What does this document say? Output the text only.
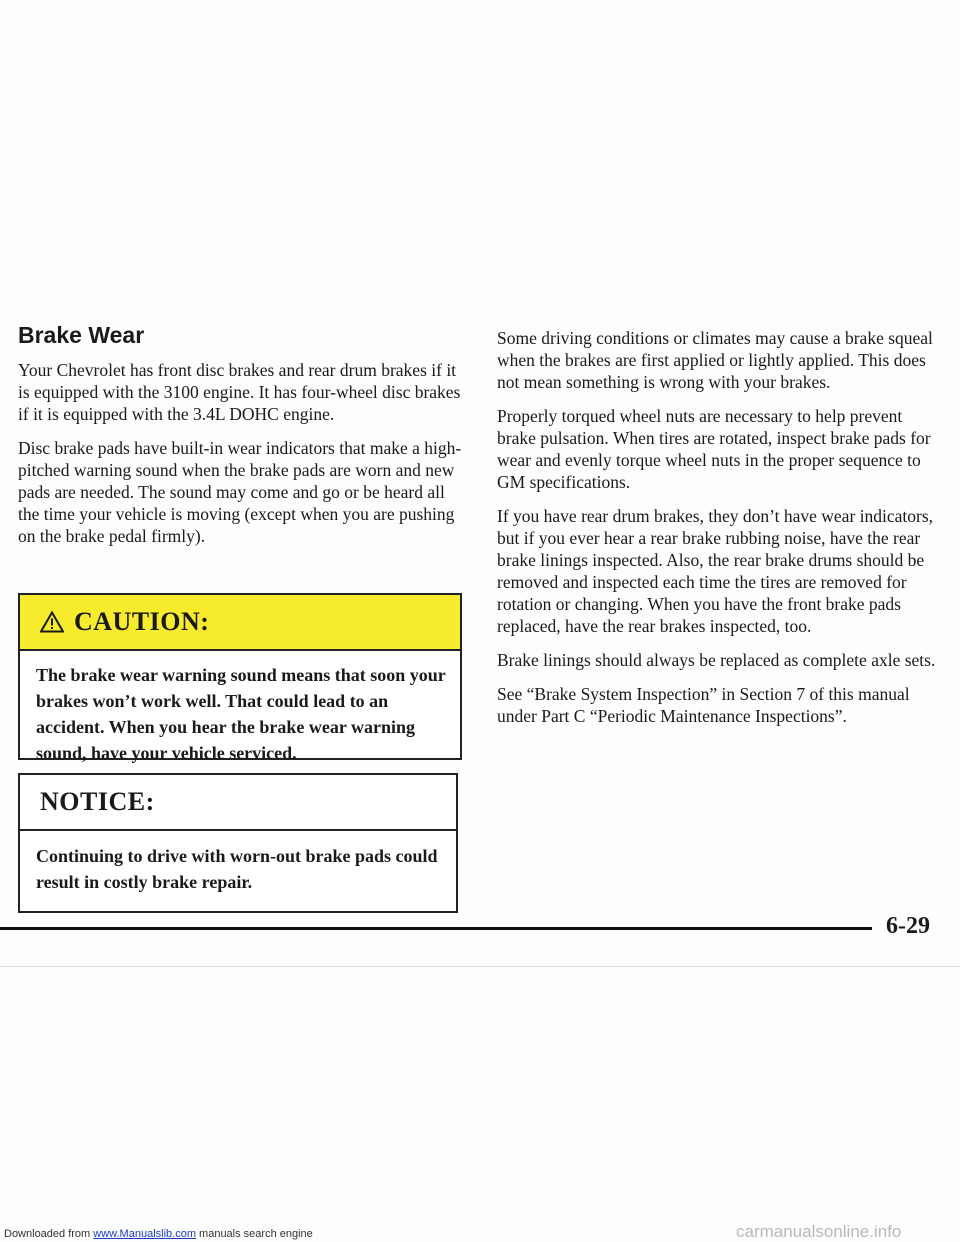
Brake Wear

Your Chevrolet has front disc brakes and rear drum brakes if it is equipped with the 3100 engine. It has four-wheel disc brakes if it is equipped with the 3.4L DOHC engine.

Disc brake pads have built-in wear indicators that make a high-pitched warning sound when the brake pads are worn and new pads are needed. The sound may come and go or be heard all the time your vehicle is moving (except when you are pushing on the brake pedal firmly).

CAUTION:
The brake wear warning sound means that soon your brakes won’t work well. That could lead to an accident. When you hear the brake wear warning sound, have your vehicle serviced.
NOTICE:
Continuing to drive with worn-out brake pads could result in costly brake repair.

Some driving conditions or climates may cause a brake squeal when the brakes are first applied or lightly applied. This does not mean something is wrong with your brakes.

Properly torqued wheel nuts are necessary to help prevent brake pulsation. When tires are rotated, inspect brake pads for wear and evenly torque wheel nuts in the proper sequence to GM specifications.

If you have rear drum brakes, they don’t have wear indicators, but if you ever hear a rear brake rubbing noise, have the rear brake linings inspected. Also, the rear brake drums should be removed and inspected each time the tires are removed for rotation or changing. When you have the front brake pads replaced, have the rear brakes inspected, too.

Brake linings should always be replaced as complete axle sets.

See “Brake System Inspection” in Section 7 of this manual under Part C “Periodic Maintenance Inspections”.

6-29
Downloaded from www.Manualslib.com manuals search engine	carmanualsonline.info
